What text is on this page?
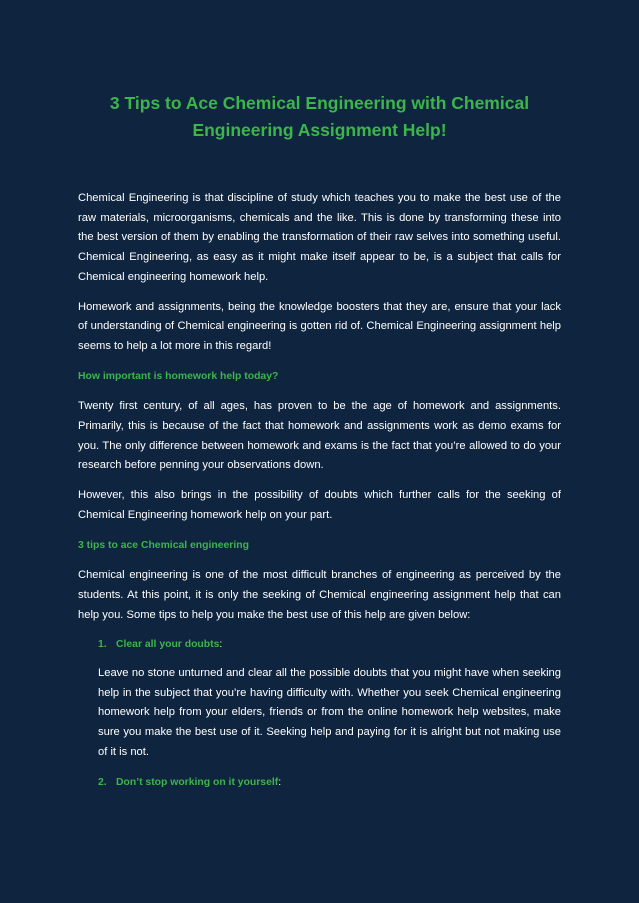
3 Tips to Ace Chemical Engineering with Chemical Engineering Assignment Help!

Chemical Engineering is that discipline of study which teaches you to make the best use of the raw materials, microorganisms, chemicals and the like. This is done by transforming these into the best version of them by enabling the transformation of their raw selves into something useful. Chemical Engineering, as easy as it might make itself appear to be, is a subject that calls for Chemical engineering homework help.

Homework and assignments, being the knowledge boosters that they are, ensure that your lack of understanding of Chemical engineering is gotten rid of. Chemical Engineering assignment help seems to help a lot more in this regard!

How important is homework help today?

Twenty first century, of all ages, has proven to be the age of homework and assignments. Primarily, this is because of the fact that homework and assignments work as demo exams for you. The only difference between homework and exams is the fact that you’re allowed to do your research before penning your observations down.

However, this also brings in the possibility of doubts which further calls for the seeking of Chemical Engineering homework help on your part.

3 tips to ace Chemical engineering

Chemical engineering is one of the most difficult branches of engineering as perceived by the students. At this point, it is only the seeking of Chemical engineering assignment help that can help you. Some tips to help you make the best use of this help are given below:

1. Clear all your doubts:

Leave no stone unturned and clear all the possible doubts that you might have when seeking help in the subject that you’re having difficulty with. Whether you seek Chemical engineering homework help from your elders, friends or from the online homework help websites, make sure you make the best use of it. Seeking help and paying for it is alright but not making use of it is not.

2. Don’t stop working on it yourself:
